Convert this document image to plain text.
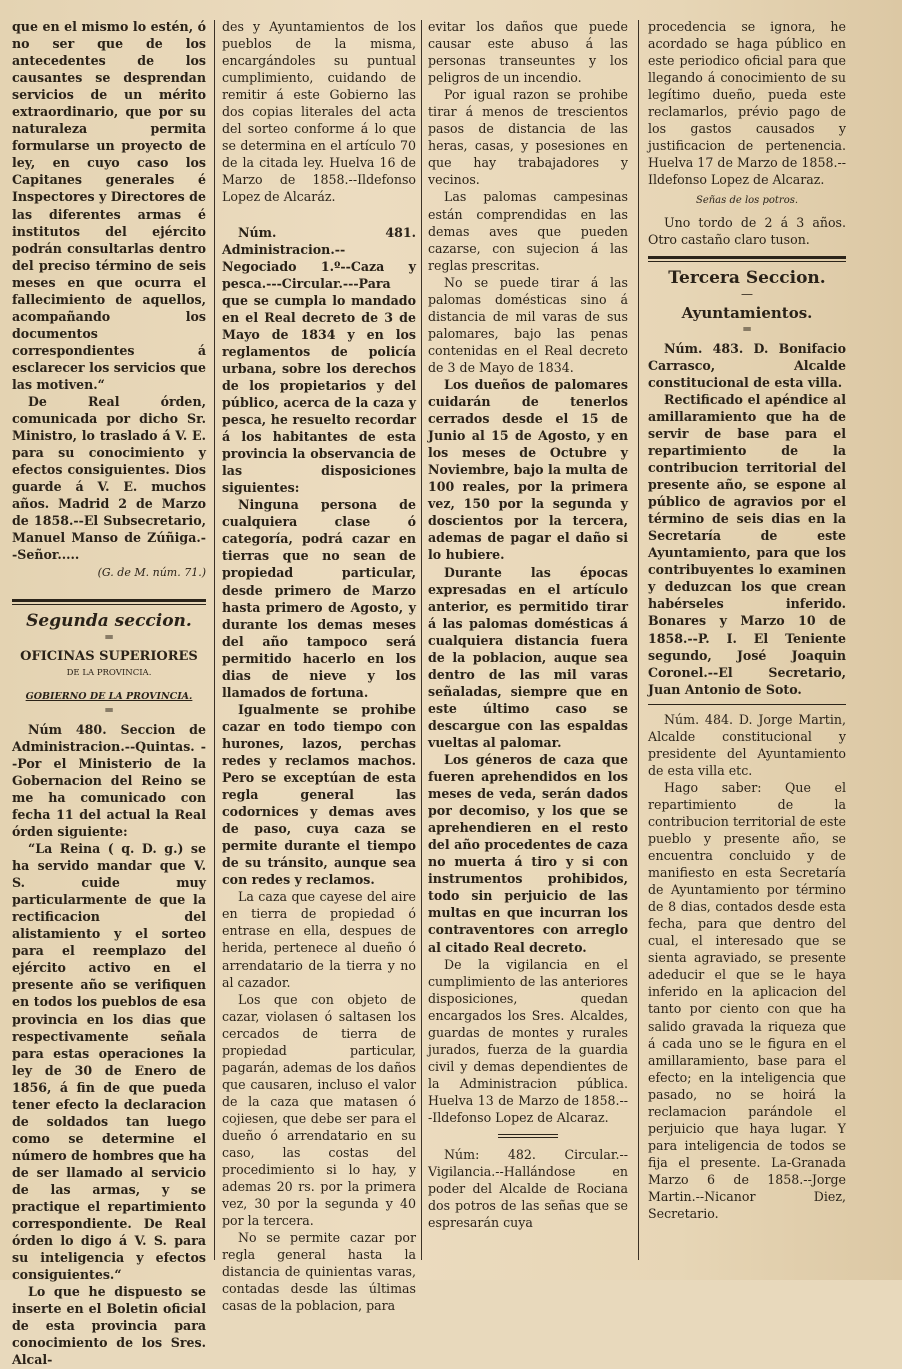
que en el mismo lo estén, ó no ser que de los antecedentes de los causantes se desprendan servicios de un mérito extraordinario, que por su naturaleza permita formularse un proyecto de ley, en cuyo caso los Capitanes generales é Inspectores y Directores de las diferentes armas é institutos del ejército podrán consultarlas dentro del preciso término de seis meses en que ocurra el fallecimiento de aquellos, acompañando los documentos correspondientes á esclarecer los servicios que las motiven.“

De Real órden, comunicada por dicho Sr. Ministro, lo traslado á V. E. para su conocimiento y efectos consiguientes. Dios guarde á V. E. muchos años. Madrid 2 de Marzo de 1858.--El Subsecretario, Manuel Manso de Zúñiga.--Señor.....

(G. de M. núm. 71.)
Segunda seccion.
═
OFICINAS SUPERIORES
DE LA PROVINCIA.
GOBIERNO DE LA PROVINCIA.
═

Núm 480. Seccion de Administracion.--Quintas. --Por el Ministerio de la Gobernacion del Reino se me ha comunicado con fecha 11 del actual la Real órden siguiente:

“La Reina ( q. D. g.) se ha servido mandar que V. S. cuide muy particularmente de que la rectificacion del alistamiento y el sorteo para el reemplazo del ejército activo en el presente año se verifiquen en todos los pueblos de esa provincia en los dias que respectivamente señala para estas operaciones la ley de 30 de Enero de 1856, á fin de que pueda tener efecto la declaracion de soldados tan luego como se determine el número de hombres que ha de ser llamado al servicio de las armas, y se practique el repartimiento correspondiente. De Real órden lo digo á V. S. para su inteligencia y efectos consiguientes.“

Lo que he dispuesto se inserte en el Boletin oficial de esta provincia para conocimiento de los Sres. Alcal-

des y Ayuntamientos de los pueblos de la misma, encargándoles su puntual cumplimiento, cuidando de remitir á este Gobierno las dos copias literales del acta del sorteo conforme á lo que se determina en el artículo 70 de la citada ley. Huelva 16 de Marzo de 1858.--Ildefonso Lopez de Alcaráz.

Núm. 481. Administracion.--Negociado 1.º--Caza y pesca.---Circular.---Para que se cumpla lo mandado en el Real decreto de 3 de Mayo de 1834 y en los reglamentos de policía urbana, sobre los derechos de los propietarios y del público, acerca de la caza y pesca, he resuelto recordar á los habitantes de esta provincia la observancia de las disposiciones siguientes:

Ninguna persona de cualquiera clase ó categoría, podrá cazar en tierras que no sean de propiedad particular, desde primero de Marzo hasta primero de Agosto, y durante los demas meses del año tampoco será permitido hacerlo en los dias de nieve y los llamados de fortuna.

Igualmente se prohibe cazar en todo tiempo con hurones, lazos, perchas redes y reclamos machos. Pero se exceptúan de esta regla general las codornices y demas aves de paso, cuya caza se permite durante el tiempo de su tránsito, aunque sea con redes y reclamos.

La caza que cayese del aire en tierra de propiedad ó entrase en ella, despues de herida, pertenece al dueño ó arrendatario de la tierra y no al cazador.

Los que con objeto de cazar, violasen ó saltasen los cercados de tierra de propiedad particular, pagarán, ademas de los daños que causaren, incluso el valor de la caza que matasen ó cojiesen, que debe ser para el dueño ó arrendatario en su caso, las costas del procedimiento si lo hay, y ademas 20 rs. por la primera vez, 30 por la segunda y 40 por la tercera.

No se permite cazar por regla general hasta la distancia de quinientas varas, contadas desde las últimas casas de la poblacion, para

evitar los daños que puede causar este abuso á las personas transeuntes y los peligros de un incendio.

Por igual razon se prohibe tirar á menos de trescientos pasos de distancia de las heras, casas, y posesiones en que hay trabajadores y vecinos.

Las palomas campesinas están comprendidas en las demas aves que pueden cazarse, con sujecion á las reglas prescritas.

No se puede tirar á las palomas domésticas sino á distancia de mil varas de sus palomares, bajo las penas contenidas en el Real decreto de 3 de Mayo de 1834.

Los dueños de palomares cuidarán de tenerlos cerrados desde el 15 de Junio al 15 de Agosto, y en los meses de Octubre y Noviembre, bajo la multa de 100 reales, por la primera vez, 150 por la segunda y doscientos por la tercera, ademas de pagar el daño si lo hubiere.

Durante las épocas expresadas en el artículo anterior, es permitido tirar á las palomas domésticas á cualquiera distancia fuera de la poblacion, auque sea dentro de las mil varas señaladas, siempre que en este último caso se descargue con las espaldas vueltas al palomar.

Los géneros de caza que fueren aprehendidos en los meses de veda, serán dados por decomiso, y los que se aprehendieren en el resto del año procedentes de caza no muerta á tiro y si con instrumentos prohibidos, todo sin perjuicio de las multas en que incurran los contraventores con arreglo al citado Real decreto.

De la vigilancia en el cumplimiento de las anteriores disposiciones, quedan encargados los Sres. Alcaldes, guardas de montes y rurales jurados, fuerza de la guardia civil y demas dependientes de la Administracion pública. Huelva 13 de Marzo de 1858.---Ildefonso Lopez de Alcaraz.

Núm: 482. Circular.--Vigilancia.--Hallándose en poder del Alcalde de Rociana dos potros de las señas que se espresarán cuya

procedencia se ignora, he acordado se haga público en este periodico oficial para que llegando á conocimiento de su legítimo dueño, pueda este reclamarlos, prévio pago de los gastos causados y justificacion de pertenencia. Huelva 17 de Marzo de 1858.--Ildefonso Lopez de Alcaraz.

Señas de los potros.

Uno tordo de 2 á 3 años. Otro castaño claro tuson.

Tercera Seccion.
—
Ayuntamientos.
═

Núm. 483. D. Bonifacio Carrasco, Alcalde constitucional de esta villa.

Rectificado el apéndice al amillaramiento que ha de servir de base para el repartimiento de la contribucion territorial del presente año, se espone al público de agravios por el término de seis dias en la Secretaría de este Ayuntamiento, para que los contribuyentes lo examinen y deduzcan los que crean habérseles inferido. Bonares y Marzo 10 de 1858.--P. I. El Teniente segundo, José Joaquin Coronel.--El Secretario, Juan Antonio de Soto.

Núm. 484. D. Jorge Martin, Alcalde constitucional y presidente del Ayuntamiento de esta villa etc.

Hago saber: Que el repartimiento de la contribucion territorial de este pueblo y presente año, se encuentra concluido y de manifiesto en esta Secretaría de Ayuntamiento por término de 8 dias, contados desde esta fecha, para que dentro del cual, el interesado que se sienta agraviado, se presente adeducir el que se le haya inferido en la aplicacion del tanto por ciento con que ha salido gravada la riqueza que á cada uno se le figura en el amillaramiento, base para el efecto; en la inteligencia que pasado, no se hoirá la reclamacion parándole el perjuicio que haya lugar. Y para inteligencia de todos se fija el presente. La-Granada Marzo 6 de 1858.--Jorge Martin.--Nicanor Diez, Secretario.
